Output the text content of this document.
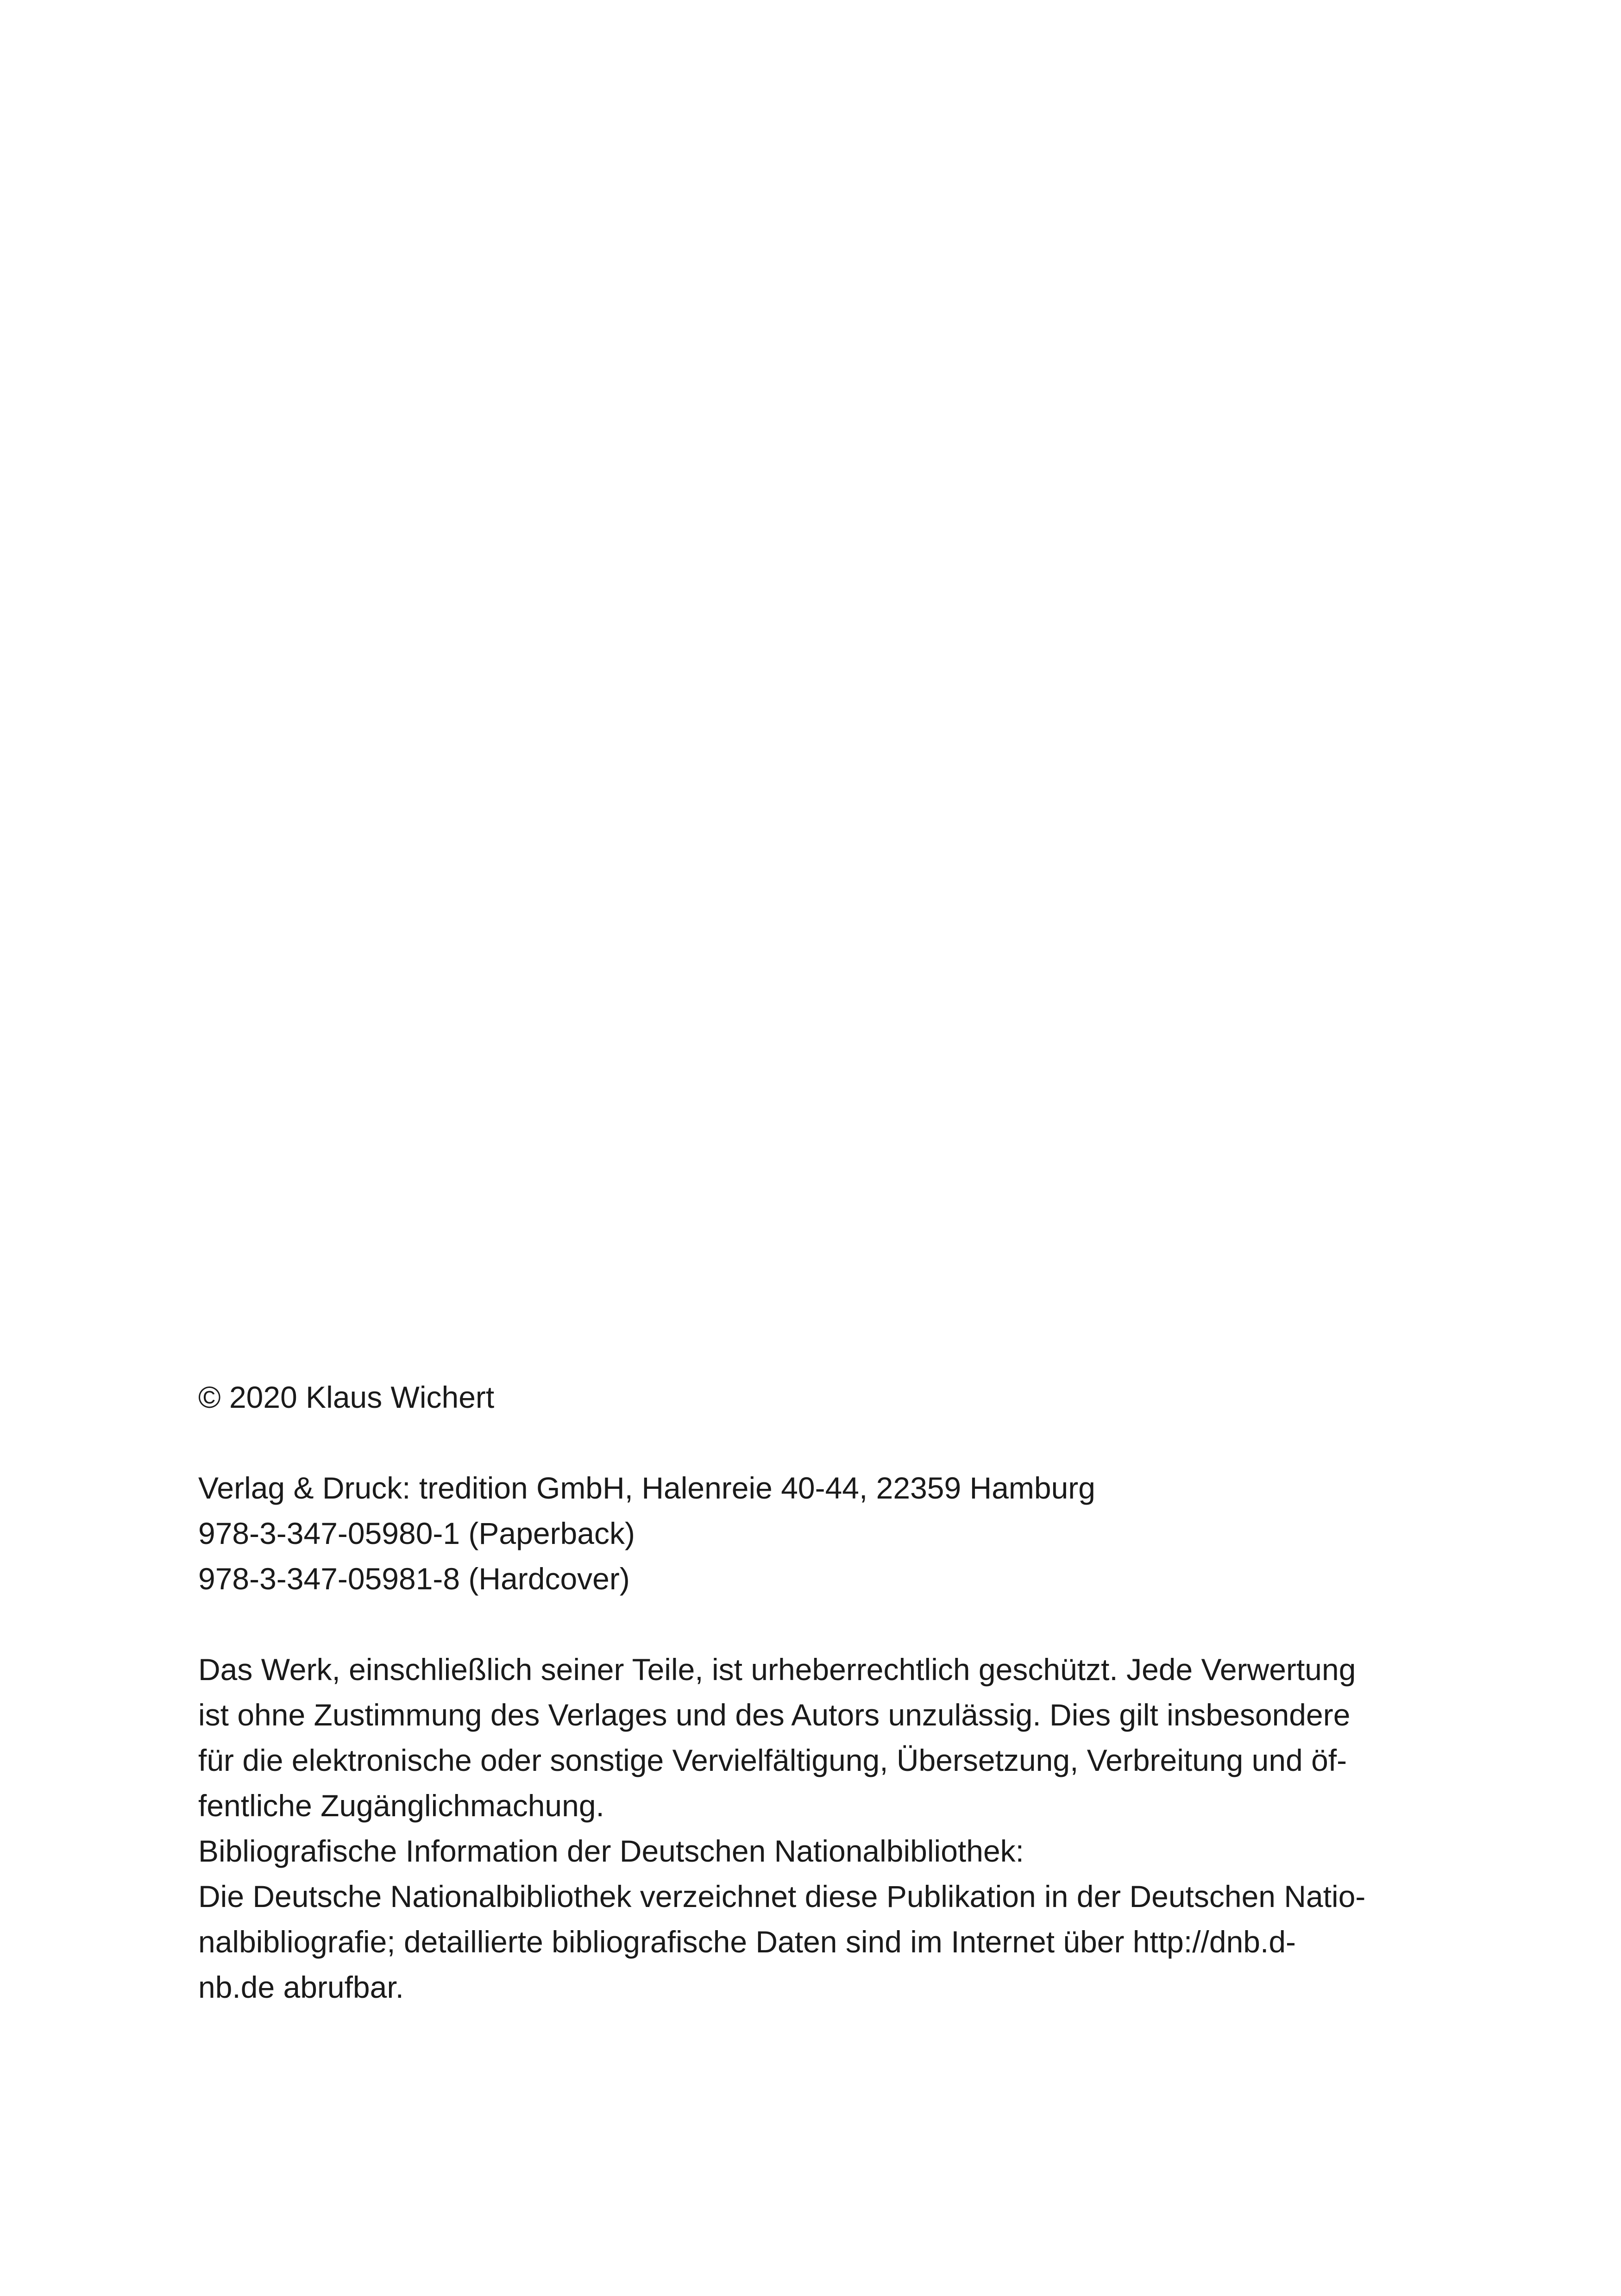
© 2020 Klaus Wichert
Verlag & Druck: tredition GmbH, Halenreie 40-44, 22359 Hamburg
978-3-347-05980-1 (Paperback)
978-3-347-05981-8 (Hardcover)
Das Werk, einschließlich seiner Teile, ist urheberrechtlich geschützt. Jede Verwertung
ist ohne Zustimmung des Verlages und des Autors unzulässig. Dies gilt insbesondere
für die elektronische oder sonstige Vervielfältigung, Übersetzung, Verbreitung und öf-
fentliche Zugänglichmachung.
Bibliografische Information der Deutschen Nationalbibliothek:
Die Deutsche Nationalbibliothek verzeichnet diese Publikation in der Deutschen Natio-
nalbibliografie; detaillierte bibliografische Daten sind im Internet über http://dnb.d-
nb.de abrufbar.
